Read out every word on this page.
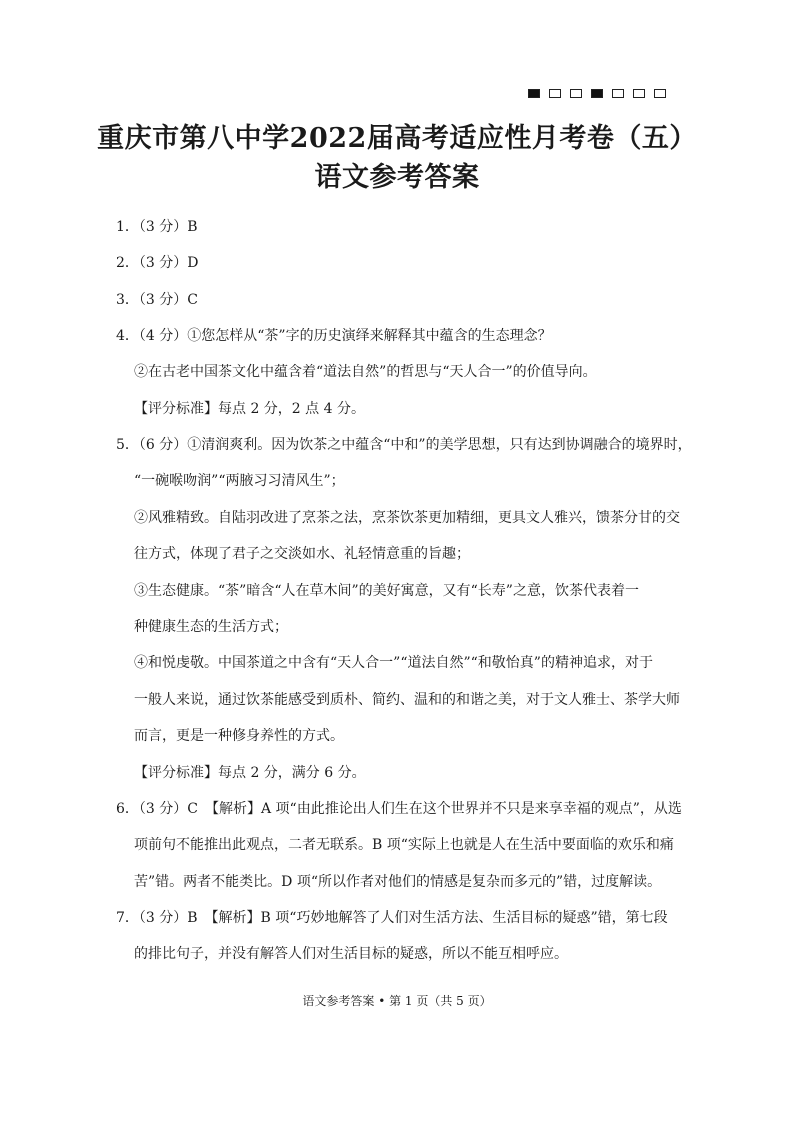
重庆市第八中学2022届高考适应性月考卷（五）
语文参考答案
1．（3 分）B
2．（3 分）D
3．（3 分）C
4．（4 分）①您怎样从“茶”字的历史演绎来解释其中蕴含的生态理念？
②在古老中国茶文化中蕴含着“道法自然”的哲思与“天人合一”的价值导向。
【评分标准】每点 2 分，2 点 4 分。
5．（6 分）①清润爽利。因为饮茶之中蕴含“中和”的美学思想，只有达到协调融合的境界时，
“一碗喉吻润”“两腋习习清风生”；
②风雅精致。自陆羽改进了烹茶之法，烹茶饮茶更加精细，更具文人雅兴，馈茶分甘的交
往方式，体现了君子之交淡如水、礼轻情意重的旨趣；
③生态健康。“茶”暗含“人在草木间”的美好寓意，又有“长寿”之意，饮茶代表着一
种健康生态的生活方式；
④和悦虔敬。中国茶道之中含有“天人合一”“道法自然”“和敬怡真”的精神追求，对于
一般人来说，通过饮茶能感受到质朴、简约、温和的和谐之美，对于文人雅士、茶学大师
而言，更是一种修身养性的方式。
【评分标准】每点 2 分，满分 6 分。
6．（3 分）C　【解析】A 项“由此推论出人们生在这个世界并不只是来享幸福的观点”，从选
项前句不能推出此观点，二者无联系。B 项“实际上也就是人在生活中要面临的欢乐和痛
苦”错。两者不能类比。D 项“所以作者对他们的情感是复杂而多元的”错，过度解读。
7．（3 分）B　【解析】B 项“巧妙地解答了人们对生活方法、生活目标的疑惑”错，第七段
的排比句子，并没有解答人们对生活目标的疑惑，所以不能互相呼应。
语文参考答案 • 第 1 页（共 5 页）
